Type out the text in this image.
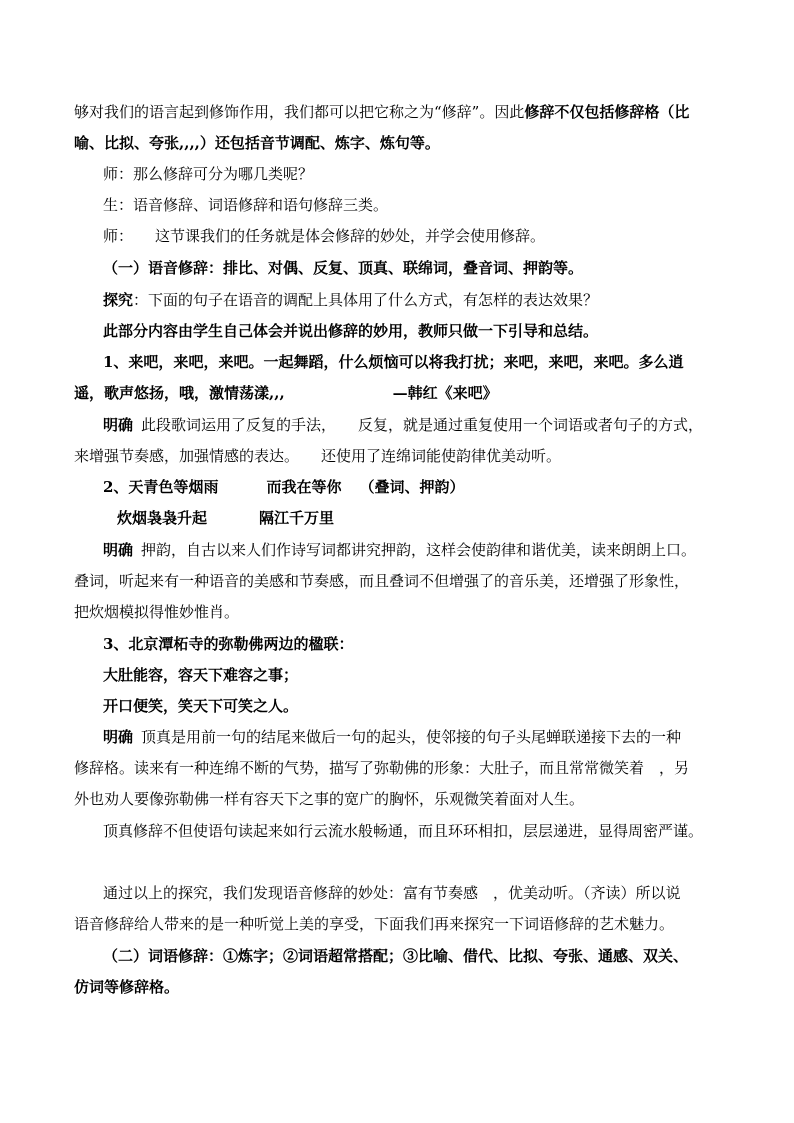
够对我们的语言起到修饰作用，我们都可以把它称之为“修辞”。因此修辞不仅包括修辞格（比
喻、比拟、夸张,,,,）还包括音节调配、炼字、炼句等。
师：那么修辞可分为哪几类呢？
生：语音修辞、词语修辞和语句修辞三类。
师： 这节课我们的任务就是体会修辞的妙处，并学会使用修辞。
（一）语音修辞：排比、对偶、反复、顶真、联绵词，叠音词、押韵等。
探究：下面的句子在语音的调配上具体用了什么方式，有怎样的表达效果？
此部分内容由学生自己体会并说出修辞的妙用，教师只做一下引导和总结。
1、来吧，来吧，来吧。一起舞蹈，什么烦恼可以将我打扰；来吧，来吧，来吧。多么逍
遥，歌声悠扬，哦，激情荡漾,,,	—韩红《来吧》
明确 此段歌词运用了反复的手法， 反复，就是通过重复使用一个词语或者句子的方式，
来增强节奏感，加强情感的表达。 还使用了连绵词能使韵律优美动听。
2、天青色等烟雨	而我在等你 （叠词、押韵）
炊烟袅袅升起	隔江千万里
明确 押韵，自古以来人们作诗写词都讲究押韵，这样会使韵律和谐优美，读来朗朗上口。
叠词，听起来有一种语音的美感和节奏感，而且叠词不但增强了的音乐美，还增强了形象性，
把炊烟模拟得惟妙惟肖。
3、北京潭柘寺的弥勒佛两边的楹联：
大肚能容，容天下难容之事；
开口便笑，笑天下可笑之人。
明确 顶真是用前一句的结尾来做后一句的起头，使邻接的句子头尾蝉联递接下去的一种
修辞格。读来有一种连绵不断的气势，描写了弥勒佛的形象：大肚子，而且常常微笑着　，另
外也劝人要像弥勒佛一样有容天下之事的宽广的胸怀，乐观微笑着面对人生。
顶真修辞不但使语句读起来如行云流水般畅通，而且环环相扣，层层递进，显得周密严谨。
通过以上的探究，我们发现语音修辞的妙处：富有节奏感　，优美动听。（齐读）所以说
语音修辞给人带来的是一种听觉上美的享受，下面我们再来探究一下词语修辞的艺术魅力。
（二）词语修辞：①炼字；②词语超常搭配；③比喻、借代、比拟、夸张、通感、双关、
仿词等修辞格。
